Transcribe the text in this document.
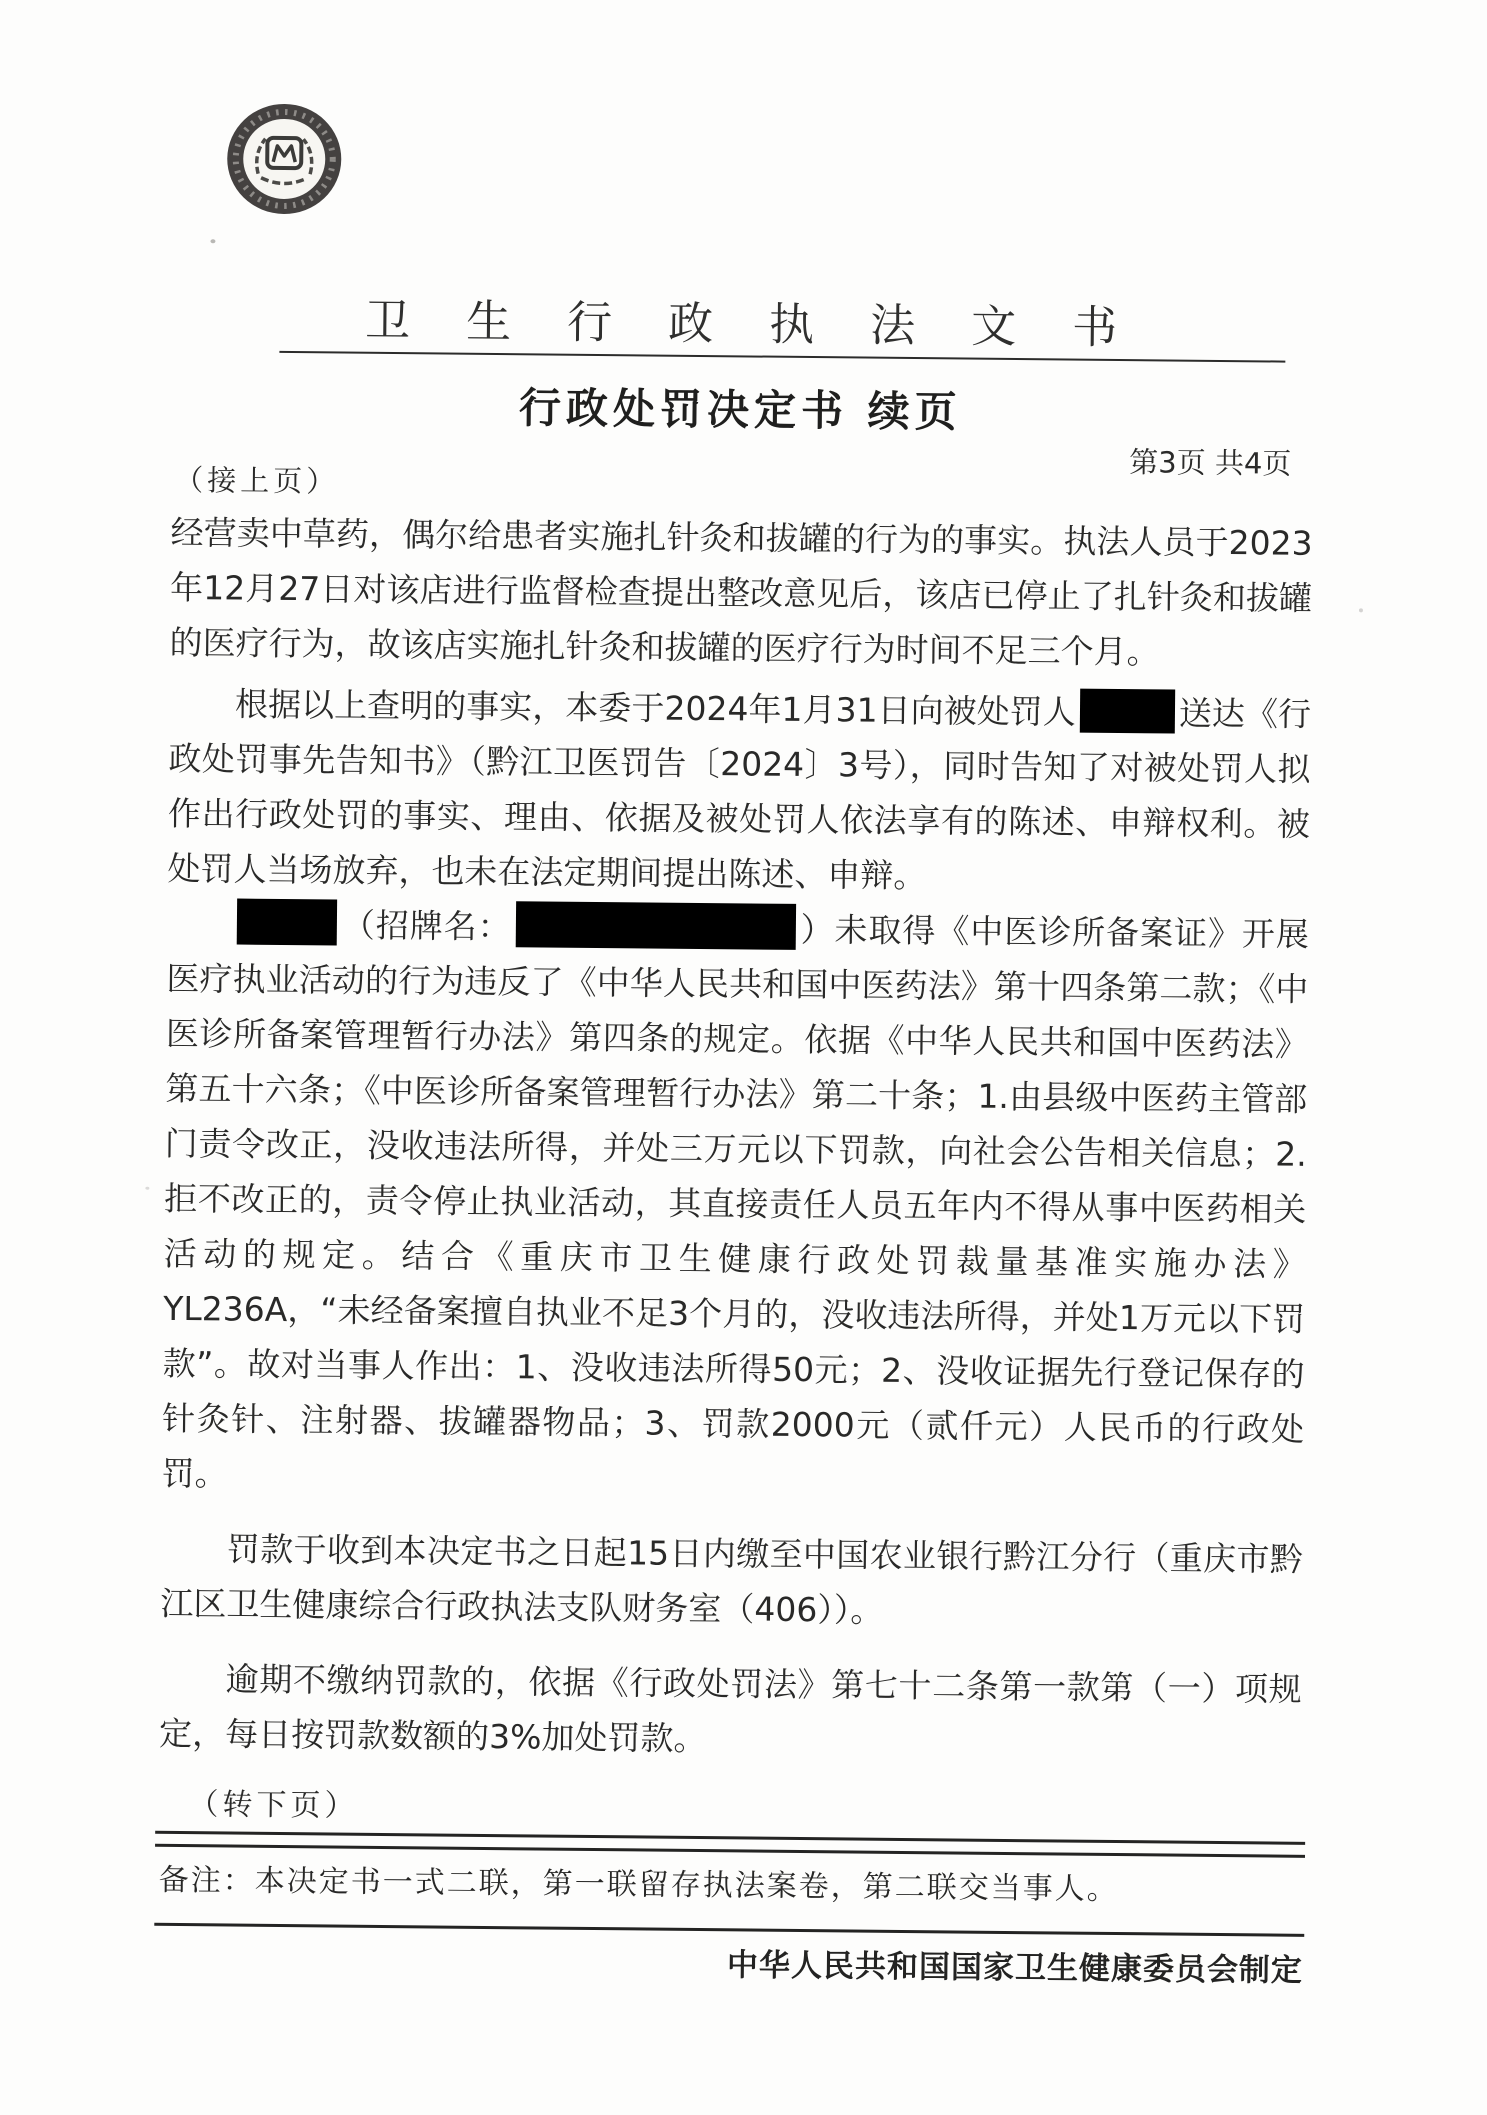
卫生行政执法文书
行政处罚决定书 续页
第3页 共4页
（接上页）

经营卖中草药，偶尔给患者实施扎针灸和拔罐的行为的事实。执法人员于2023年12月27日对该店进行监督检查提出整改意见后，该店已停止了扎针灸和拔罐的医疗行为，故该店实施扎针灸和拔罐的医疗行为时间不足三个月。

根据以上查明的事实，本委于2024年1月31日向被处罚人	送达《行政处罚事先告知书》（黔江卫医罚告〔2024〕3号），同时告知了对被处罚人拟作出行政处罚的事实、理由、依据及被处罚人依法享有的陈述、申辩权利。被处罚人当场放弃，也未在法定期间提出陈述、申辩。

（招牌名：	）未取得《中医诊所备案证》开展医疗执业活动的行为违反了《中华人民共和国中医药法》第十四条第二款；《中医诊所备案管理暂行办法》第四条的规定。依据《中华人民共和国中医药法》第五十六条；《中医诊所备案管理暂行办法》第二十条；1.由县级中医药主管部门责令改正，没收违法所得，并处三万元以下罚款，向社会公告相关信息；2.拒不改正的，责令停止执业活动，其直接责任人员五年内不得从事中医药相关活动的规定。结合《重庆市卫生健康行政处罚裁量基准实施办法》YL236A，“未经备案擅自执业不足3个月的，没收违法所得，并处1万元以下罚款”。故对当事人作出：1、没收违法所得50元；2、没收证据先行登记保存的针灸针、注射器、拔罐器物品；3、罚款2000元（贰仟元）人民币的行政处罚。

罚款于收到本决定书之日起15日内缴至中国农业银行黔江分行（重庆市黔江区卫生健康综合行政执法支队财务室（406））。

逾期不缴纳罚款的，依据《行政处罚法》第七十二条第一款第（一）项规定，每日按罚款数额的3%加处罚款。

（转下页）
备注：本决定书一式二联，第一联留存执法案卷，第二联交当事人。
中华人民共和国国家卫生健康委员会制定
